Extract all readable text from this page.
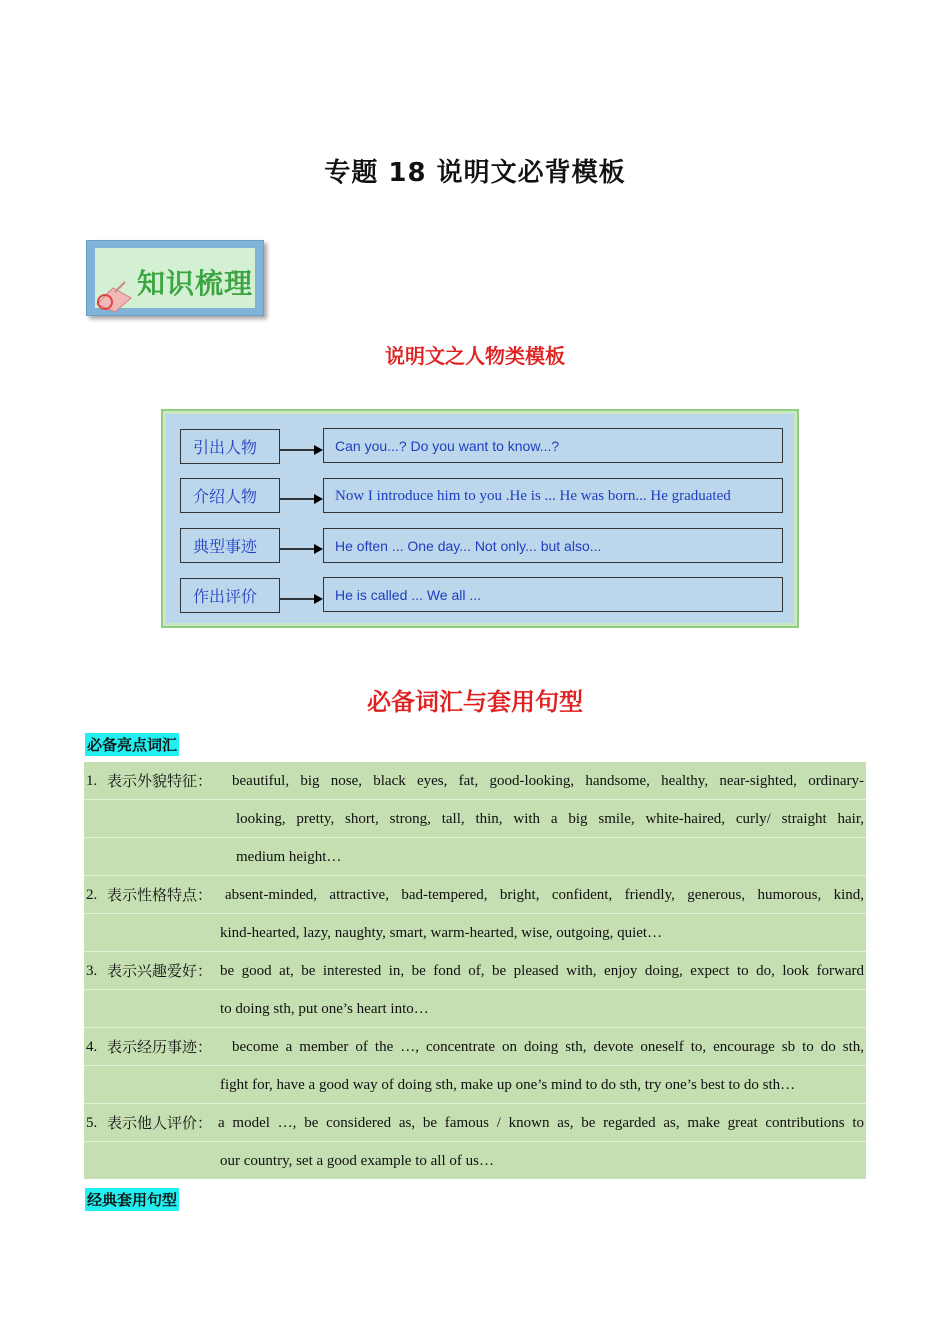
专题 18 说明文必背模板
知识梳理
说明文之人物类模板
引出人物	Can you...? Do you want to know...?
介绍人物	Now I introduce him to you .He is ... He was born... He graduated
典型事迹	He often ... One day... Not only... but also...
作出评价	He is called ... We all ...
必备词汇与套用句型
必备亮点词汇
1. 表示外貌特征： beautiful, big nose, black eyes, fat, good-looking, handsome, healthy, near-sighted, ordinary-
looking, pretty, short, strong, tall, thin, with a big smile, white-haired, curly/ straight hair,
medium height…
2. 表示性格特点： absent-minded, attractive, bad-tempered, bright, confident, friendly, generous, humorous, kind,
kind-hearted, lazy, naughty, smart, warm-hearted, wise, outgoing, quiet…
3. 表示兴趣爱好： be good at, be interested in, be fond of, be pleased with, enjoy doing, expect to do, look forward
to doing sth, put one’s heart into…
4. 表示经历事迹： become a member of the …, concentrate on doing sth, devote oneself to, encourage sb to do sth,
fight for, have a good way of doing sth, make up one’s mind to do sth, try one’s best to do sth…
5. 表示他人评价： a model …, be considered as, be famous / known as, be regarded as, make great contributions to
our country, set a good example to all of us…
经典套用句型
